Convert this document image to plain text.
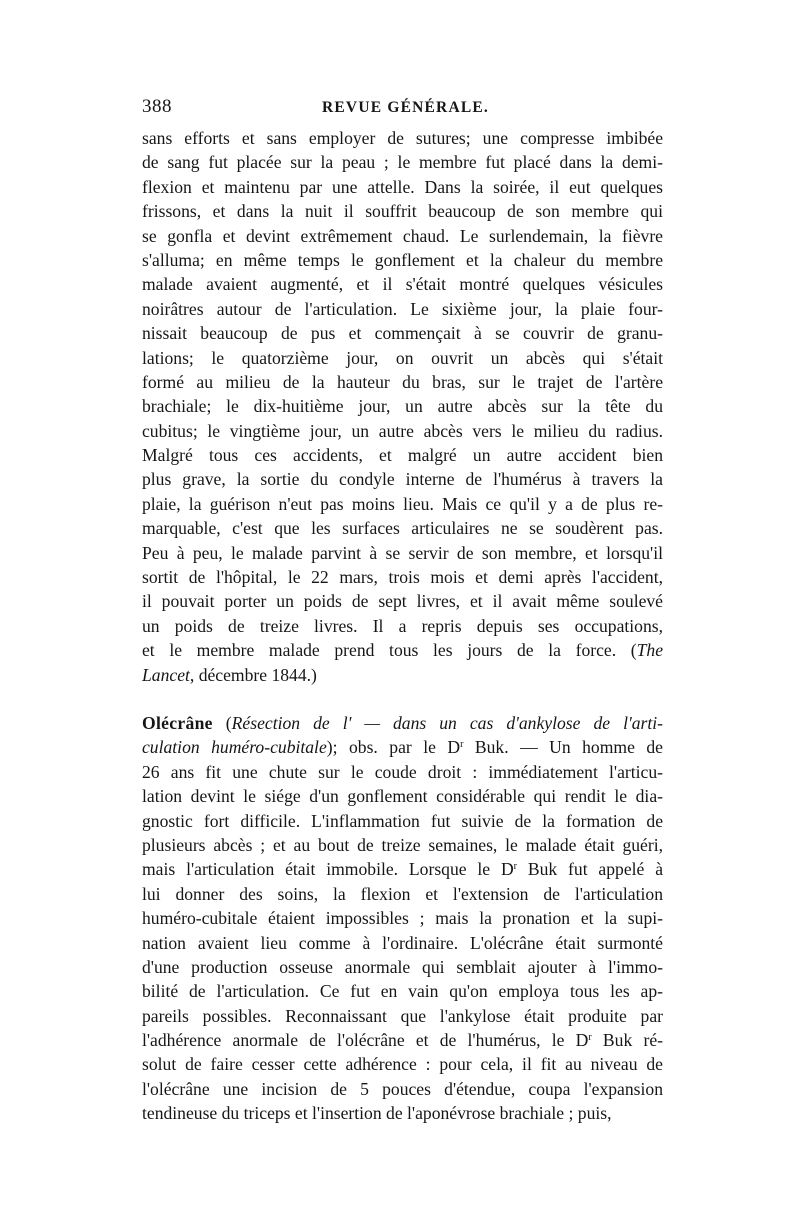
388	REVUE GÉNÉRALE.
sans efforts et sans employer de sutures; une compresse imbibée
de sang fut placée sur la peau ; le membre fut placé dans la demi-
flexion et maintenu par une attelle. Dans la soirée, il eut quelques
frissons, et dans la nuit il souffrit beaucoup de son membre qui
se gonfla et devint extrêmement chaud. Le surlendemain, la fièvre
s'alluma; en même temps le gonflement et la chaleur du membre
malade avaient augmenté, et il s'était montré quelques vésicules
noirâtres autour de l'articulation. Le sixième jour, la plaie four-
nissait beaucoup de pus et commençait à se couvrir de granu-
lations; le quatorzième jour, on ouvrit un abcès qui s'était
formé au milieu de la hauteur du bras, sur le trajet de l'artère
brachiale; le dix-huitième jour, un autre abcès sur la tête du
cubitus; le vingtième jour, un autre abcès vers le milieu du radius.
Malgré tous ces accidents, et malgré un autre accident bien
plus grave, la sortie du condyle interne de l'humérus à travers la
plaie, la guérison n'eut pas moins lieu. Mais ce qu'il y a de plus re-
marquable, c'est que les surfaces articulaires ne se soudèrent pas.
Peu à peu, le malade parvint à se servir de son membre, et lorsqu'il
sortit de l'hôpital, le 22 mars, trois mois et demi après l'accident,
il pouvait porter un poids de sept livres, et il avait même soulevé
un poids de treize livres. Il a repris depuis ses occupations,
et le membre malade prend tous les jours de la force. (The
Lancet, décembre 1844.)
Olécrâne (Résection de l' — dans un cas d'ankylose de l'arti-
culation huméro-cubitale); obs. par le $D^r$ Buk. — Un homme de
26 ans fit une chute sur le coude droit : immédiatement l'articu-
lation devint le siége d'un gonflement considérable qui rendit le dia-
gnostic fort difficile. L'inflammation fut suivie de la formation de
plusieurs abcès ; et au bout de treize semaines, le malade était guéri,
mais l'articulation était immobile. Lorsque le $D^r$ Buk fut appelé à
lui donner des soins, la flexion et l'extension de l'articulation
huméro-cubitale étaient impossibles ; mais la pronation et la supi-
nation avaient lieu comme à l'ordinaire. L'olécrâne était surmonté
d'une production osseuse anormale qui semblait ajouter à l'immo-
bilité de l'articulation. Ce fut en vain qu'on employa tous les ap-
pareils possibles. Reconnaissant que l'ankylose était produite par
l'adhérence anormale de l'olécrâne et de l'humérus, le $D^r$ Buk ré-
solut de faire cesser cette adhérence : pour cela, il fit au niveau de
l'olécrâne une incision de 5 pouces d'étendue, coupa l'expansion
tendineuse du triceps et l'insertion de l'aponévrose brachiale ; puis,
